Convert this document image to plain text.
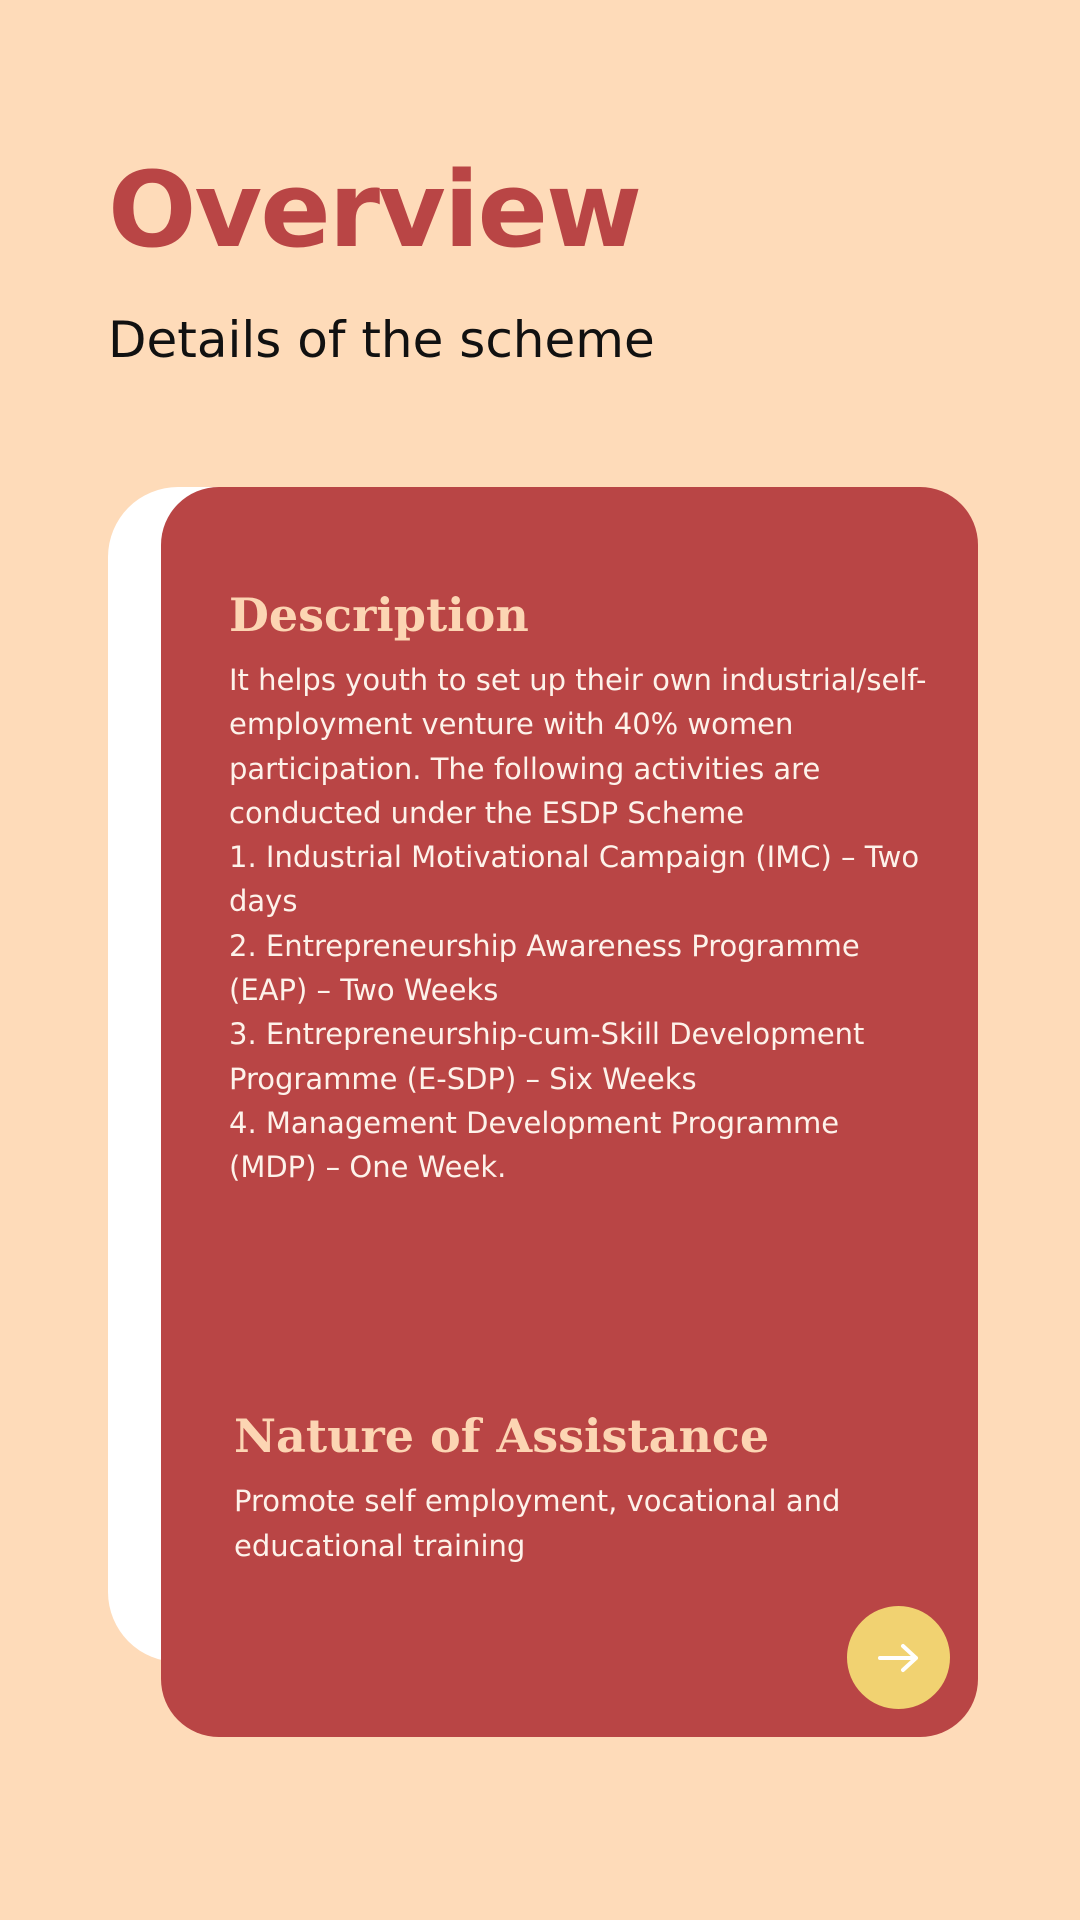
Overview
Details of the scheme
Description

It helps youth to set up their own industrial/self-employment venture with 40% women participation. The following activities are conducted under the ESDP Scheme
1. Industrial Motivational Campaign (IMC) – Two days
2. Entrepreneurship Awareness Programme (EAP) – Two Weeks
3. Entrepreneurship-cum-Skill Development Programme (E-SDP) – Six Weeks
4. Management Development Programme (MDP) – One Week.

Nature of Assistance

Promote self employment, vocational and educational training
